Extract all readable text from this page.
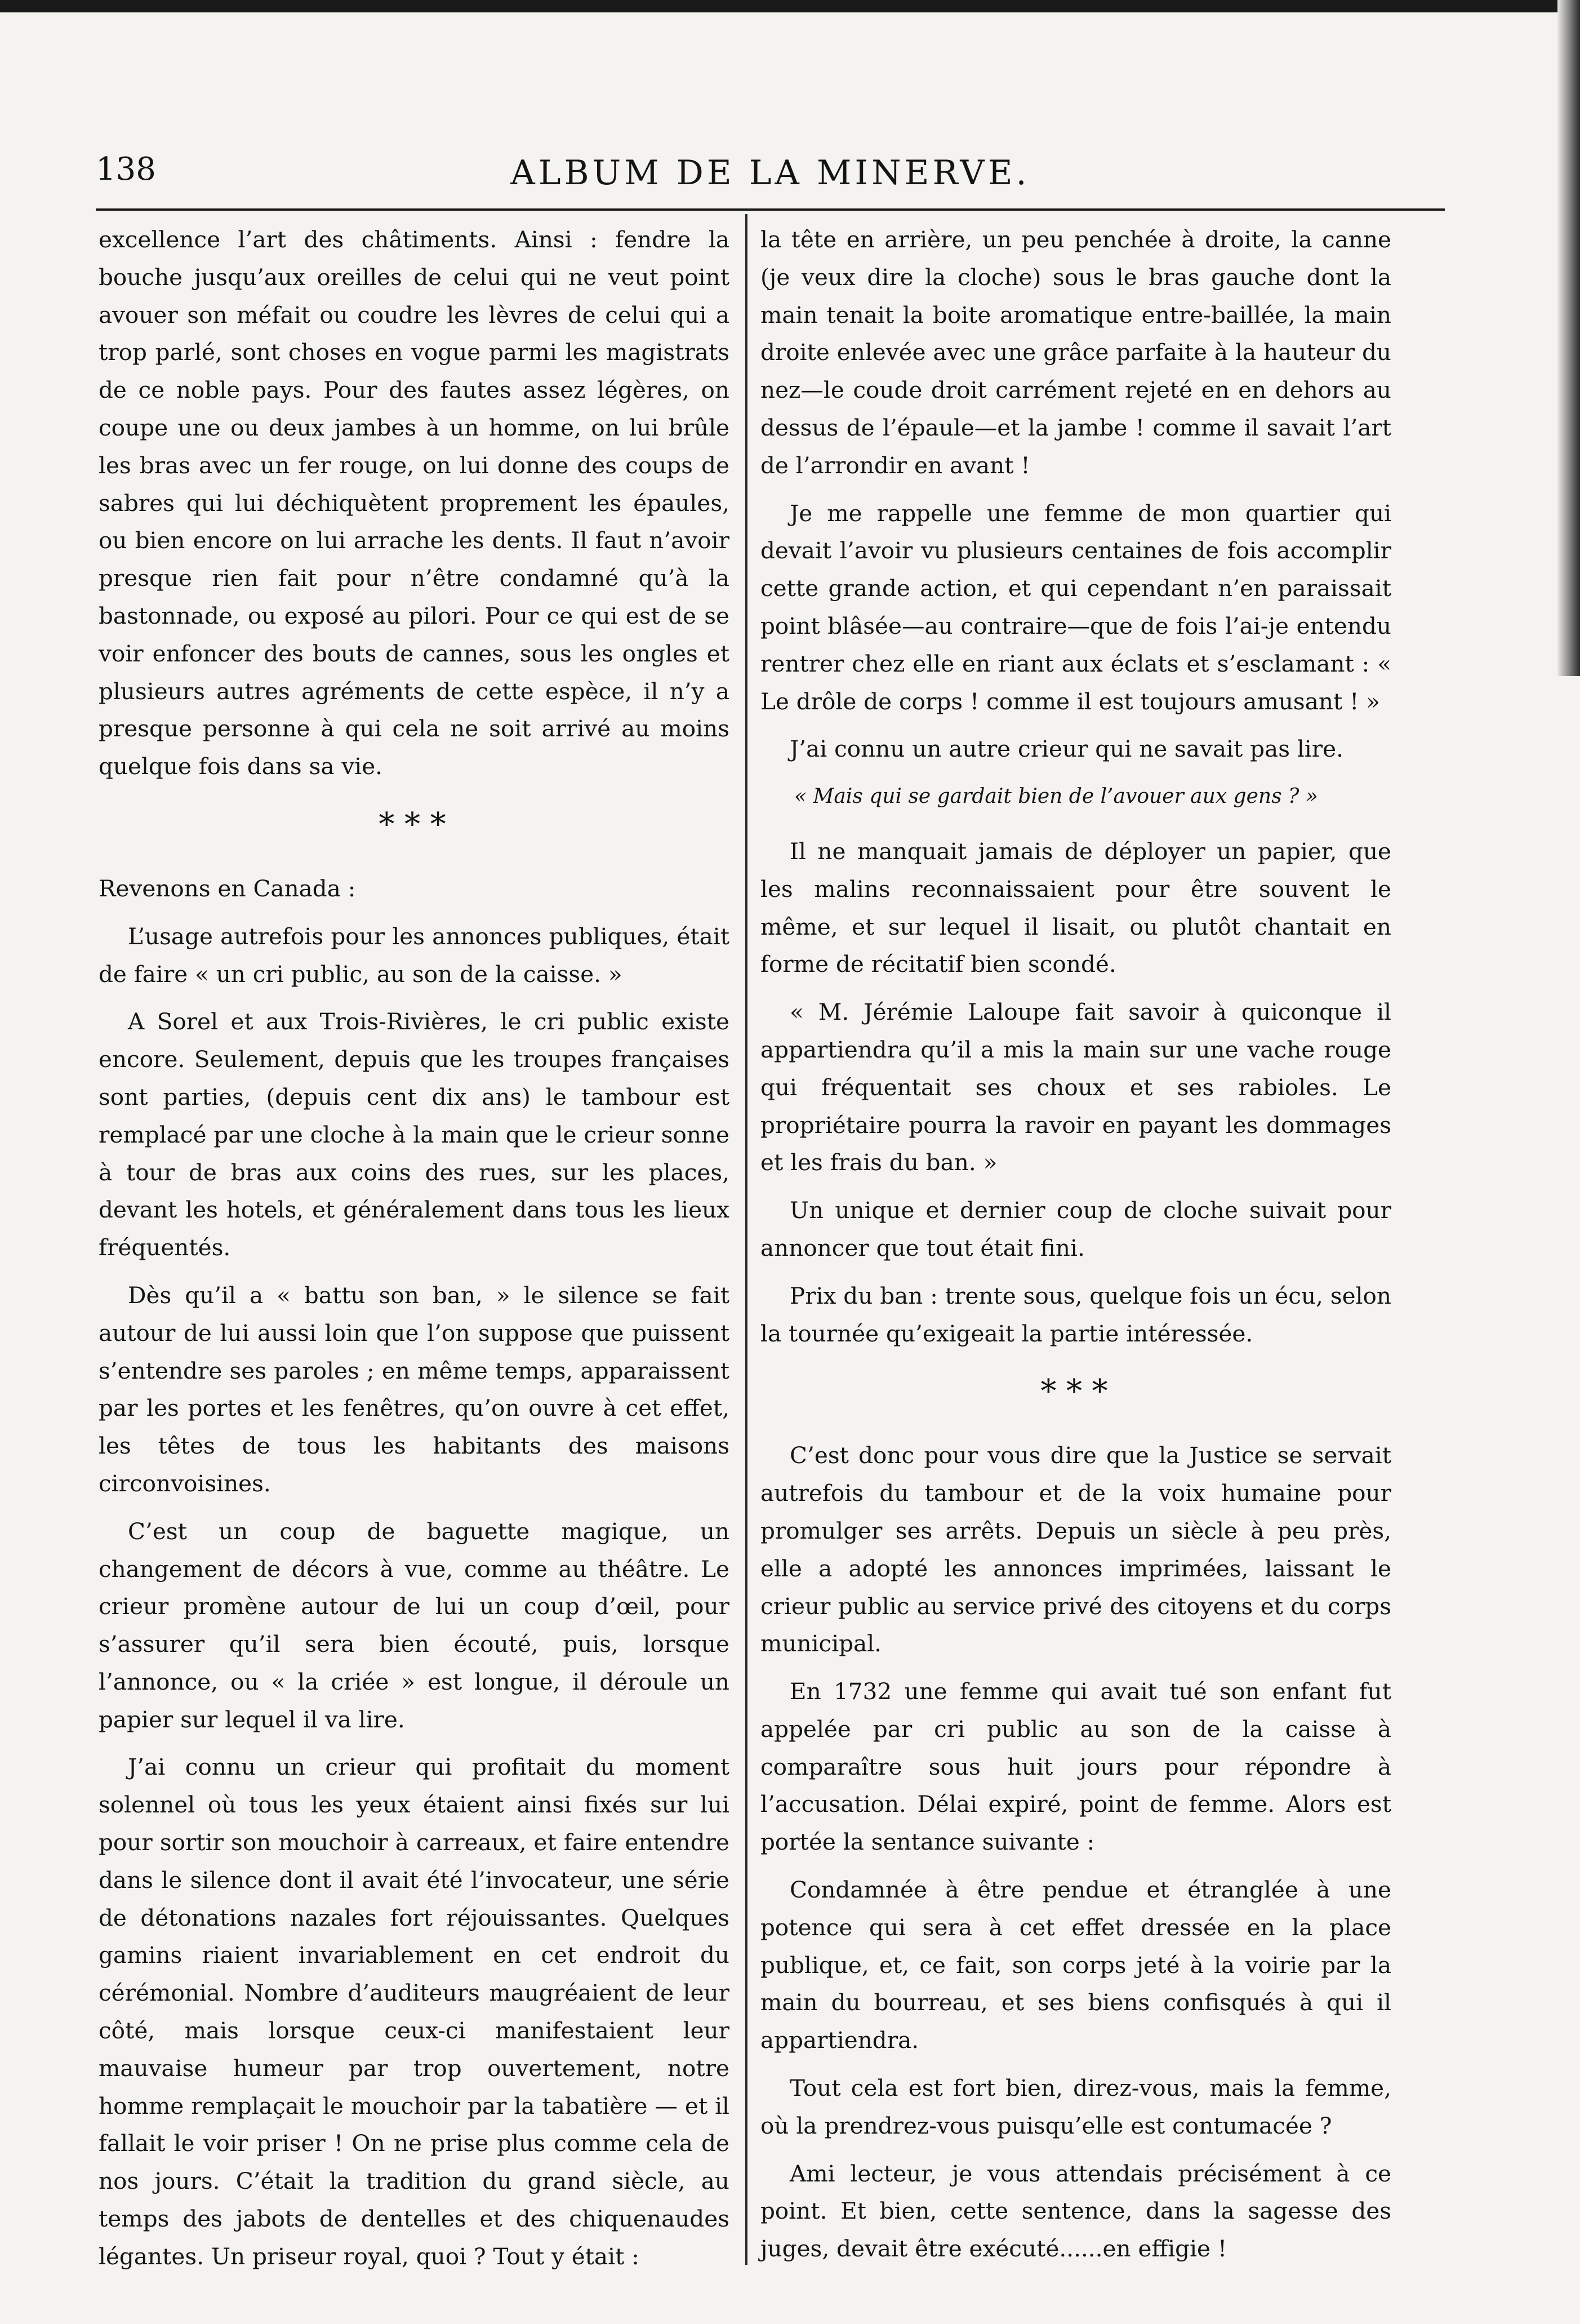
138	ALBUM DE LA MINERVE.

excellence l’art des châtiments. Ainsi : fendre la bouche jusqu’aux oreilles de celui qui ne veut point avouer son méfait ou coudre les lèvres de celui qui a trop parlé, sont choses en vogue parmi les magistrats de ce noble pays. Pour des fautes assez légères, on coupe une ou deux jambes à un homme, on lui brûle les bras avec un fer rouge, on lui donne des coups de sabres qui lui déchiquètent proprement les épaules, ou bien encore on lui arrache les dents. Il faut n’avoir presque rien fait pour n’être condamné qu’à la bastonnade, ou exposé au pilori. Pour ce qui est de se voir enfoncer des bouts de cannes, sous les ongles et plusieurs autres agréments de cette espèce, il n’y a presque personne à qui cela ne soit arrivé au moins quelque fois dans sa vie.

* * *

Revenons en Canada :

L’usage autrefois pour les annonces publiques, était de faire « un cri public, au son de la caisse. »

A Sorel et aux Trois-Rivières, le cri public existe encore. Seulement, depuis que les troupes françaises sont parties, (depuis cent dix ans) le tambour est remplacé par une cloche à la main que le crieur sonne à tour de bras aux coins des rues, sur les places, devant les hotels, et généralement dans tous les lieux fréquentés.

Dès qu’il a « battu son ban, » le silence se fait autour de lui aussi loin que l’on suppose que puissent s’entendre ses paroles ; en même temps, apparaissent par les portes et les fenêtres, qu’on ouvre à cet effet, les têtes de tous les habitants des maisons circonvoisines.

C’est un coup de baguette magique, un changement de décors à vue, comme au théâtre. Le crieur promène autour de lui un coup d’œil, pour s’assurer qu’il sera bien écouté, puis, lorsque l’annonce, ou « la criée » est longue, il déroule un papier sur lequel il va lire.

J’ai connu un crieur qui profitait du moment solennel où tous les yeux étaient ainsi fixés sur lui pour sortir son mouchoir à carreaux, et faire entendre dans le silence dont il avait été l’invocateur, une série de détonations nazales fort réjouissantes. Quelques gamins riaient invariablement en cet endroit du cérémonial. Nombre d’auditeurs maugréaient de leur côté, mais lorsque ceux-ci manifestaient leur mauvaise humeur par trop ouvertement, notre homme remplaçait le mouchoir par la tabatière — et il fallait le voir priser ! On ne prise plus comme cela de nos jours. C’était la tradition du grand siècle, au temps des jabots de dentelles et des chiquenaudes légantes. Un priseur royal, quoi ? Tout y était :

la tête en arrière, un peu penchée à droite, la canne (je veux dire la cloche) sous le bras gauche dont la main tenait la boite aromatique entre-baillée, la main droite enlevée avec une grâce parfaite à la hauteur du nez—le coude droit carrément rejeté en en dehors au dessus de l’épaule—et la jambe ! comme il savait l’art de l’arrondir en avant !

Je me rappelle une femme de mon quartier qui devait l’avoir vu plusieurs centaines de fois accomplir cette grande action, et qui cependant n’en paraissait point blâsée—au contraire—que de fois l’ai-je entendu rentrer chez elle en riant aux éclats et s’esclamant : « Le drôle de corps ! comme il est toujours amusant ! »

J’ai connu un autre crieur qui ne savait pas lire.

« Mais qui se gardait bien de l’avouer aux gens ? »

Il ne manquait jamais de déployer un papier, que les malins reconnaissaient pour être souvent le même, et sur lequel il lisait, ou plutôt chantait en forme de récitatif bien scondé.

« M. Jérémie Laloupe fait savoir à quiconque il appartiendra qu’il a mis la main sur une vache rouge qui fréquentait ses choux et ses rabioles. Le propriétaire pourra la ravoir en payant les dommages et les frais du ban. »

Un unique et dernier coup de cloche suivait pour annoncer que tout était fini.

Prix du ban : trente sous, quelque fois un écu, selon la tournée qu’exigeait la partie intéressée.

* * *

C’est donc pour vous dire que la Justice se servait autrefois du tambour et de la voix humaine pour promulger ses arrêts. Depuis un siècle à peu près, elle a adopté les annonces imprimées, laissant le crieur public au service privé des citoyens et du corps municipal.

En 1732 une femme qui avait tué son enfant fut appelée par cri public au son de la caisse à comparaître sous huit jours pour répondre à l’accusation. Délai expiré, point de femme. Alors est portée la sentance suivante :

Condamnée à être pendue et étranglée à une potence qui sera à cet effet dressée en la place publique, et, ce fait, son corps jeté à la voirie par la main du bourreau, et ses biens confisqués à qui il appartiendra.

Tout cela est fort bien, direz-vous, mais la femme, où la prendrez-vous puisqu’elle est contumacée ?

Ami lecteur, je vous attendais précisément à ce point. Et bien, cette sentence, dans la sagesse des juges, devait être exécuté......en effigie !
